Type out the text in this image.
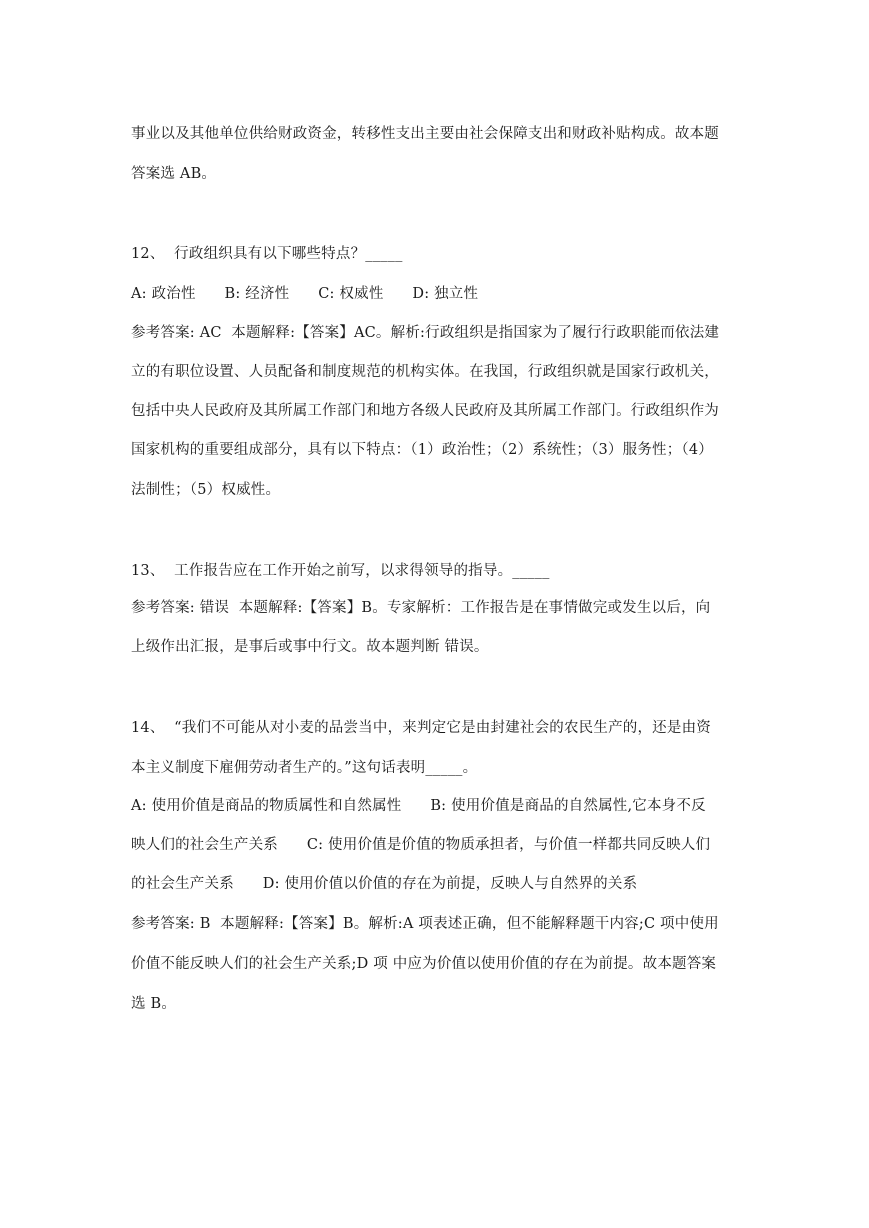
事业以及其他单位供给财政资金，转移性支出主要由社会保障支出和财政补贴构成。故本题
答案选 AB。
12、  行政组织具有以下哪些特点？_____
A: 政治性      B: 经济性      C: 权威性      D: 独立性
参考答案: AC  本题解释:【答案】AC。解析:行政组织是指国家为了履行行政职能而依法建
立的有职位设置、人员配备和制度规范的机构实体。在我国，行政组织就是国家行政机关，
包括中央人民政府及其所属工作部门和地方各级人民政府及其所属工作部门。行政组织作为
国家机构的重要组成部分，具有以下特点：（1）政治性；（2）系统性；（3）服务性；（4）
法制性；（5）权威性。
13、  工作报告应在工作开始之前写，以求得领导的指导。_____
参考答案: 错误  本题解释:【答案】B。专家解析：工作报告是在事情做完或发生以后，向
上级作出汇报，是事后或事中行文。故本题判断 错误。
14、  “我们不可能从对小麦的品尝当中，来判定它是由封建社会的农民生产的，还是由资
本主义制度下雇佣劳动者生产的。”这句话表明_____。
A: 使用价值是商品的物质属性和自然属性      B: 使用价值是商品的自然属性,它本身不反
映人们的社会生产关系      C: 使用价值是价值的物质承担者，与价值一样都共同反映人们
的社会生产关系      D: 使用价值以价值的存在为前提，反映人与自然界的关系
参考答案: B  本题解释:【答案】B。解析:A 项表述正确，但不能解释题干内容;C 项中使用
价值不能反映人们的社会生产关系;D 项 中应为价值以使用价值的存在为前提。故本题答案
选 B。
